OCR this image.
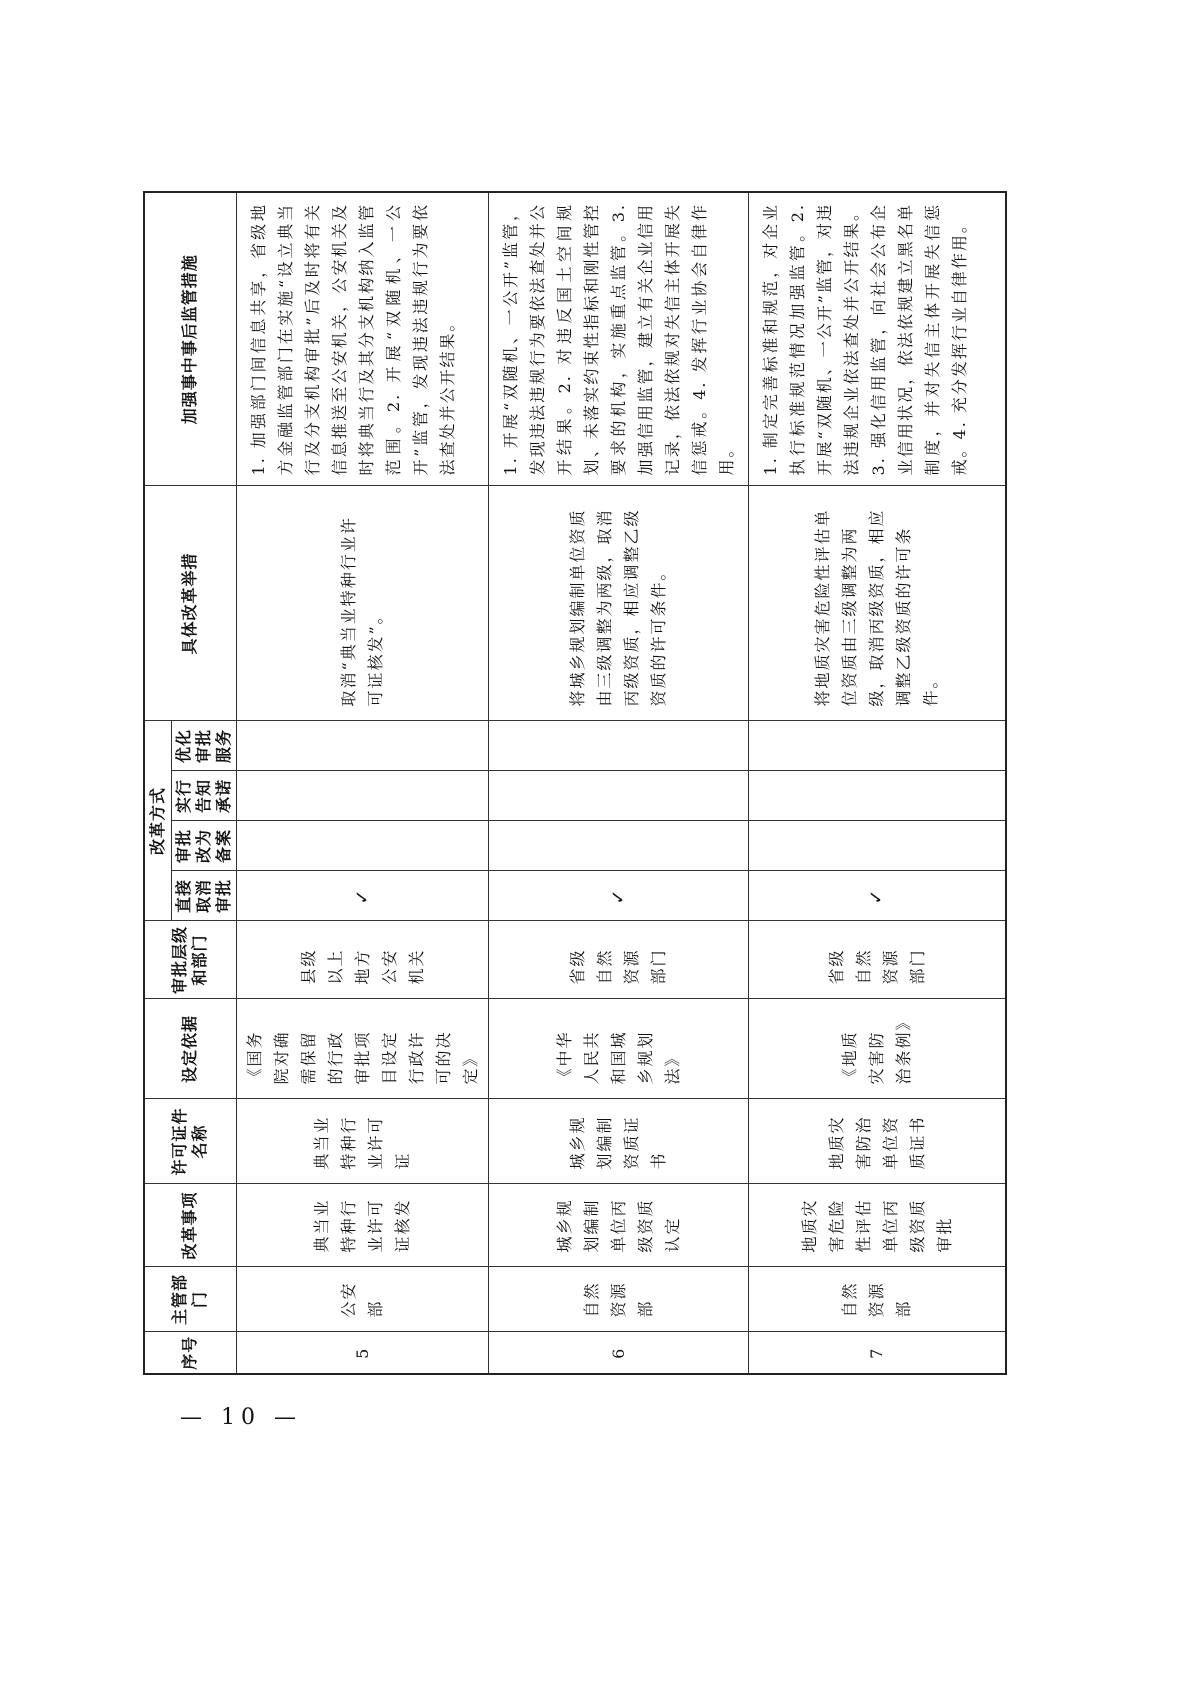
序号	主管部门	改革事项	许可证件名称	设定依据	审批层级和部门	改革方式				具体改革举措	加强事中事后监管措施
						直接取消审批	审批改为备案	实行告知承诺	优化审批服务		
5	公安部	典当业特种行业许可证核发	典当业特种行业许可证	《国务院对确需保留的行政审批项目设定行政许可的决定》	县级以上地方公安机关	✓				取消“典当业特种行业许可证核发”。	1. 加强部门间信息共享，省级地方金融监管部门在实施“设立典当行及分支机构审批”后及时将有关信息推送至公安机关，公安机关及时将典当行及其分支机构纳入监管范围。2. 开展“双随机、一公开”监管，发现违法违规行为要依法查处并公开结果。
6	自然资源部	城乡规划编制单位丙级资质认定	城乡规划编制资质证书	《中华人民共和国城乡规划法》	省级自然资源部门	✓				将城乡规划编制单位资质由三级调整为两级，取消丙级资质，相应调整乙级资质的许可条件。	1. 开展“双随机、一公开”监管，发现违法违规行为要依法查处并公开结果。2. 对违反国土空间规划、未落实约束性指标和刚性管控要求的机构，实施重点监管。3. 加强信用监管，建立有关企业信用记录，依法依规对失信主体开展失信惩戒。4. 发挥行业协会自律作用。
7	自然资源部	地质灾害危险性评估单位丙级资质审批	地质灾害防治单位资质证书	《地质灾害防治条例》	省级自然资源部门	✓				将地质灾害危险性评估单位资质由三级调整为两级，取消丙级资质，相应调整乙级资质的许可条件。	1. 制定完善标准和规范，对企业执行标准规范情况加强监管。2. 开展“双随机、一公开”监管，对违法违规企业依法查处并公开结果。3. 强化信用监管，向社会公布企业信用状况，依法依规建立黑名单制度，并对失信主体开展失信惩戒。4. 充分发挥行业自律作用。
— 10 —
